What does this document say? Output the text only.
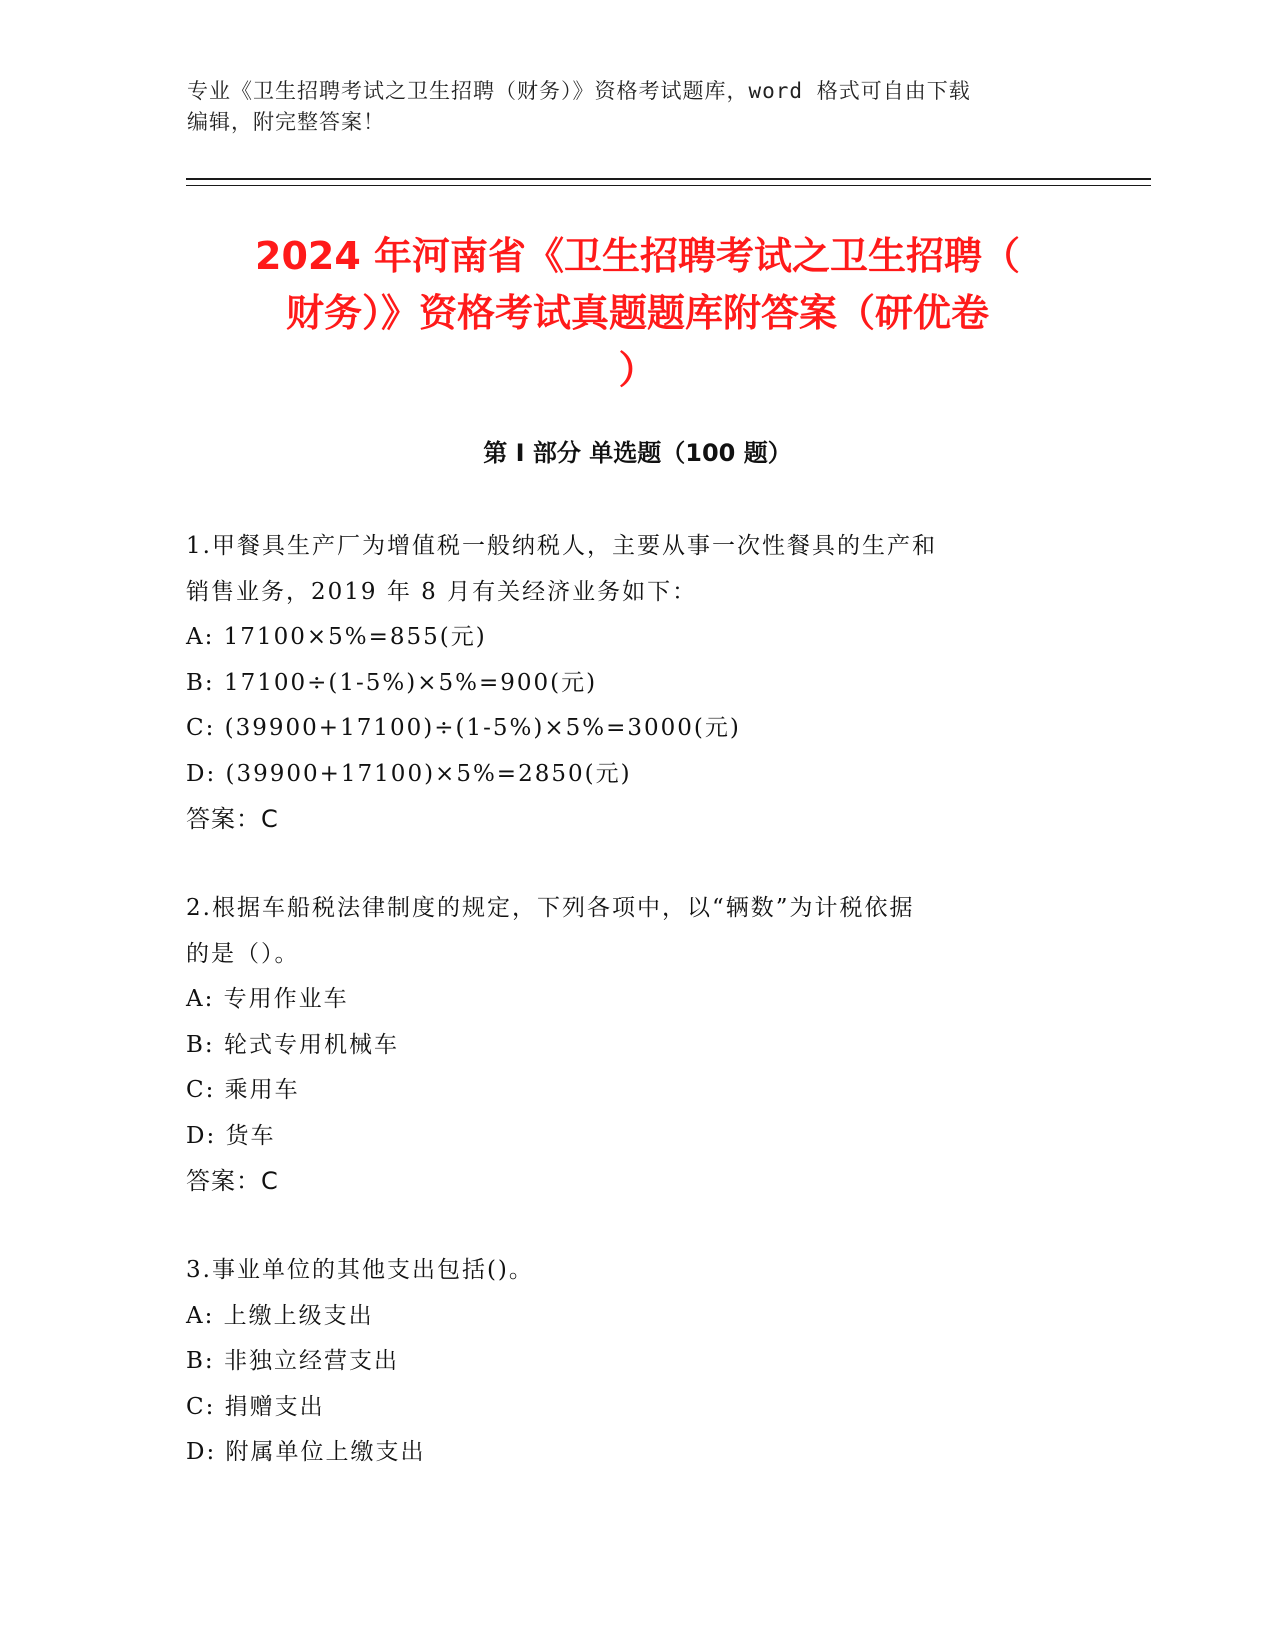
专业《卫生招聘考试之卫生招聘（财务）》资格考试题库，word 格式可自由下载
编辑，附完整答案！
2024 年河南省《卫生招聘考试之卫生招聘（
财务）》资格考试真题题库附答案（研优卷
）
第 I 部分 单选题（100 题）
1.甲餐具生产厂为增值税一般纳税人，主要从事一次性餐具的生产和
销售业务，2019 年 8 月有关经济业务如下：
A: 17100×5%=855(元)
B: 17100÷(1-5%)×5%=900(元)
C: (39900+17100)÷(1-5%)×5%=3000(元)
D: (39900+17100)×5%=2850(元)
答案：C
2.根据车船税法律制度的规定，下列各项中，以“辆数”为计税依据
的是（）。
A: 专用作业车
B: 轮式专用机械车
C: 乘用车
D: 货车
答案：C
3.事业单位的其他支出包括()。
A: 上缴上级支出
B: 非独立经营支出
C: 捐赠支出
D: 附属单位上缴支出
